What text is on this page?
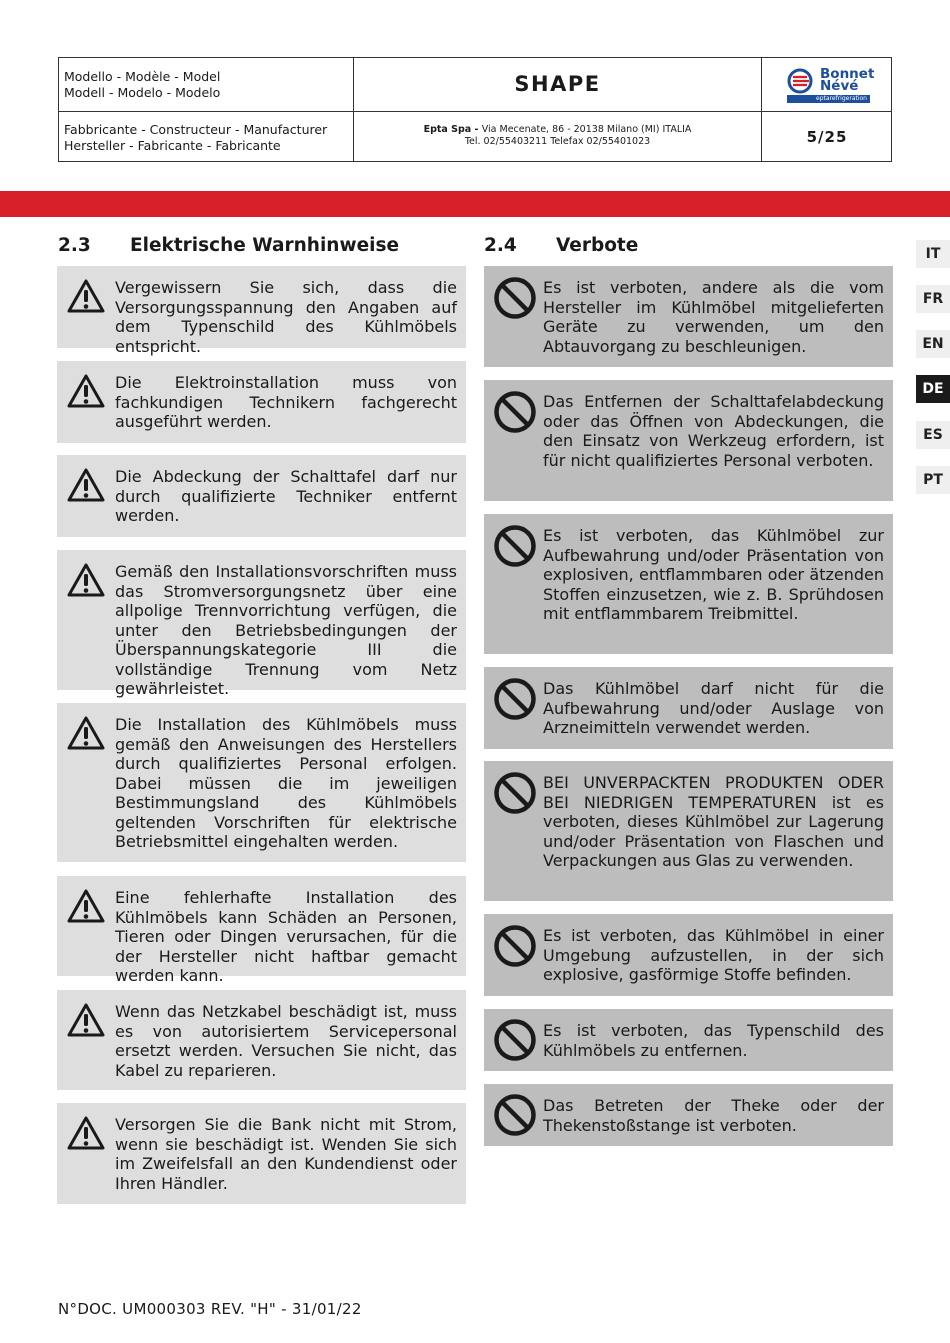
Modello - Modèle - Model
Modell - Modelo - Modelo	SHAPE	Bonnet
Névé
eptarefrigeration
Fabbricante - Constructeur - Manufacturer
Hersteller - Fabricante - Fabricante
Epta Spa - Via Mecenate, 86 - 20138 Milano (MI) ITALIA
Tel. 02/55403211 Telefax 02/55401023	5/25
IT
FR
EN
DE
ES
PT
2.3 Elektrische Warnhinweise
Vergewissern Sie sich, dass die Versorgungsspannung den Angaben auf dem Typenschild des Kühlmöbels entspricht.
Die Elektroinstallation muss von fachkundigen Technikern fachgerecht ausgeführt werden.
Die Abdeckung der Schalttafel darf nur durch qualifizierte Techniker entfernt werden.
Gemäß den Installationsvorschriften muss das Stromversorgungsnetz über eine allpolige Trennvorrichtung verfügen, die unter den Betriebsbedingungen der Überspannungskategorie III die vollständige Trennung vom Netz gewährleistet.
Die Installation des Kühlmöbels muss gemäß den Anweisungen des Herstellers durch qualifiziertes Personal erfolgen. Dabei müssen die im jeweiligen Bestimmungsland des Kühlmöbels geltenden Vorschriften für elektrische Betriebsmittel eingehalten werden.
Eine fehlerhafte Installation des Kühlmöbels kann Schäden an Personen, Tieren oder Dingen verursachen, für die der Hersteller nicht haftbar gemacht werden kann.
Wenn das Netzkabel beschädigt ist, muss es von autorisiertem Servicepersonal ersetzt werden. Versuchen Sie nicht, das Kabel zu reparieren.
Versorgen Sie die Bank nicht mit Strom, wenn sie beschädigt ist. Wenden Sie sich im Zweifelsfall an den Kundendienst oder Ihren Händler.
2.4 Verbote
Es ist verboten, andere als die vom Hersteller im Kühlmöbel mitgelieferten Geräte zu verwenden, um den Abtauvorgang zu beschleunigen.
Das Entfernen der Schalttafelabdeckung oder das Öffnen von Abdeckungen, die den Einsatz von Werkzeug erfordern, ist für nicht qualifiziertes Personal verboten.
Es ist verboten, das Kühlmöbel zur Aufbewahrung und/oder Präsentation von explosiven, entflammbaren oder ätzenden Stoffen einzusetzen, wie z. B. Sprühdosen mit entflammbarem Treibmittel.
Das Kühlmöbel darf nicht für die Aufbewahrung und/oder Auslage von Arzneimitteln verwendet werden.
BEI UNVERPACKTEN PRODUKTEN ODER BEI NIEDRIGEN TEMPERATUREN ist es verboten, dieses Kühlmöbel zur Lagerung und/oder Präsentation von Flaschen und Verpackungen aus Glas zu verwenden.
Es ist verboten, das Kühlmöbel in einer Umgebung aufzustellen, in der sich explosive, gasförmige Stoffe befinden.
Es ist verboten, das Typenschild des Kühlmöbels zu entfernen.
Das Betreten der Theke oder der Thekenstoßstange ist verboten.
N°DOC. UM000303 REV. "H" - 31/01/22
